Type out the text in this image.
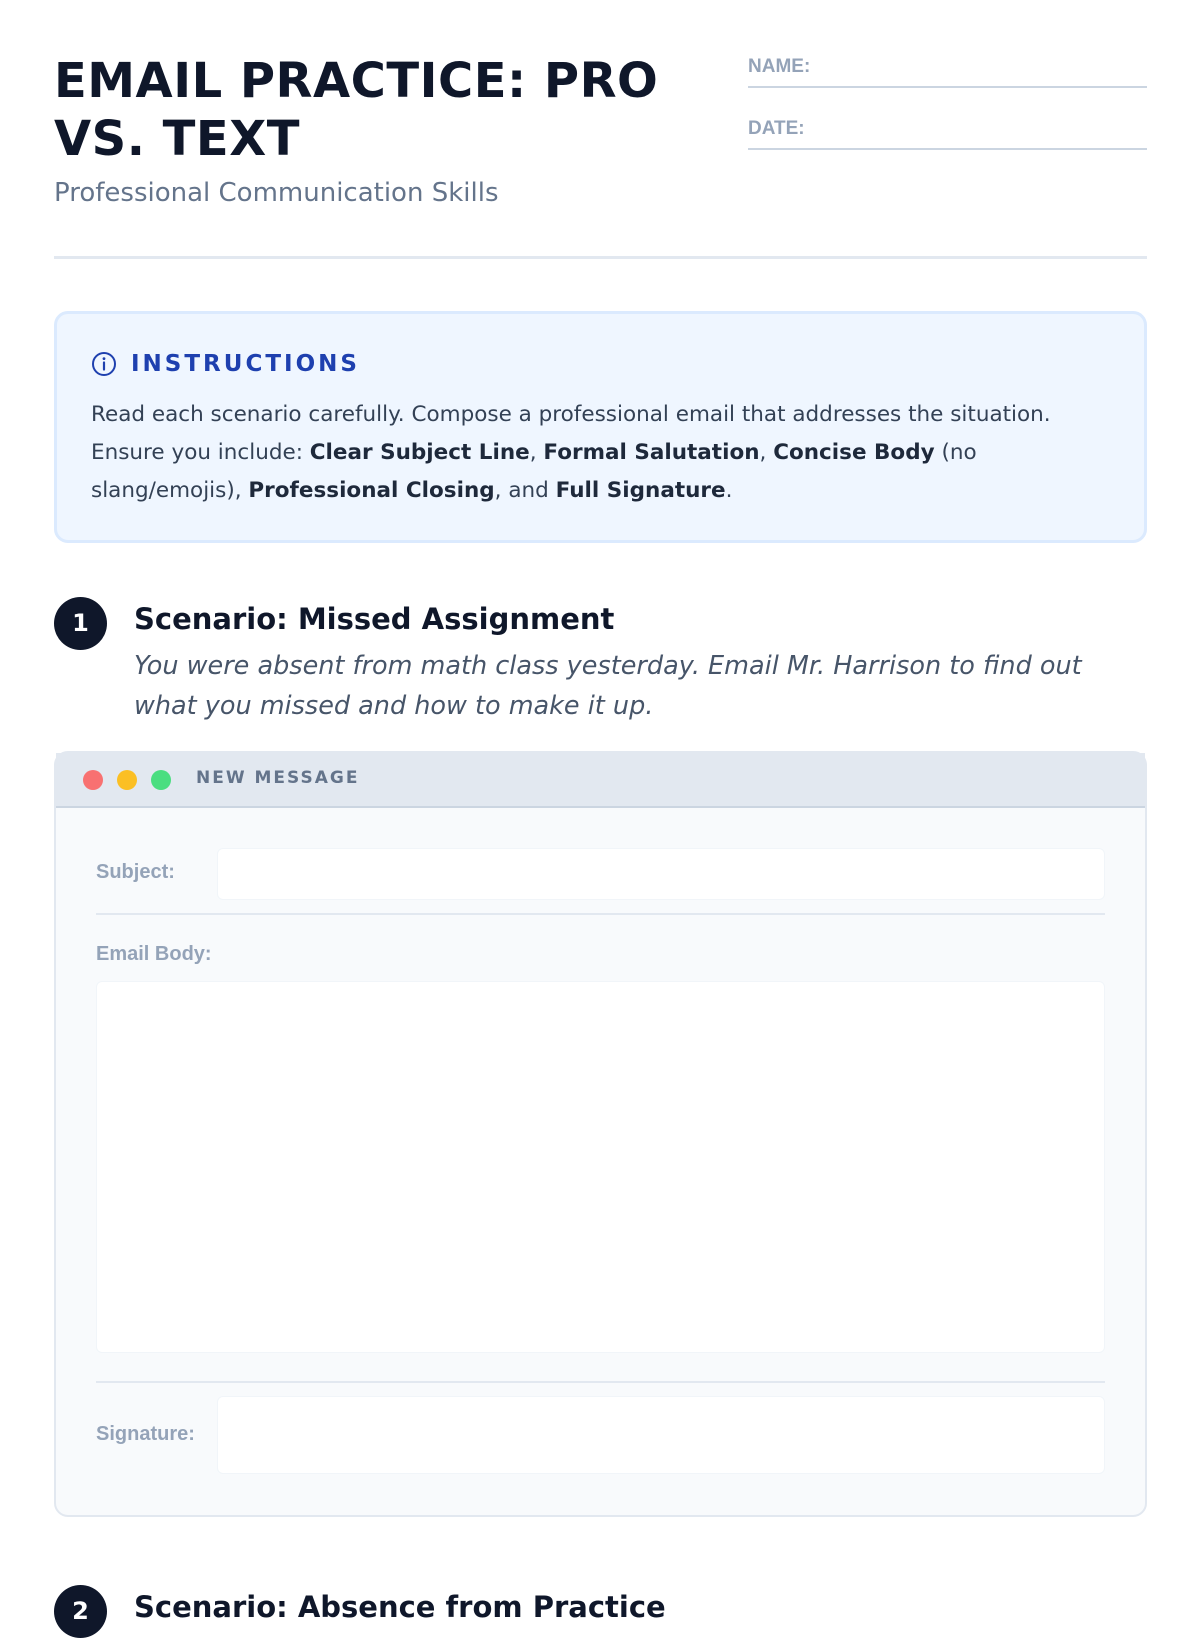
EMAIL PRACTICE: PRO VS. TEXT

Professional Communication Skills

NAME:
DATE:
INSTRUCTIONS

Read each scenario carefully. Compose a professional email that addresses the situation. Ensure you include: Clear Subject Line, Formal Salutation, Concise Body (no slang/emojis), Professional Closing, and Full Signature.

1	Scenario: Missed Assignment

You were absent from math class yesterday. Email Mr. Harrison to find out what you missed and how to make it up.

NEW MESSAGE
Subject:
Email Body:
Signature:
2	Scenario: Absence from Practice
